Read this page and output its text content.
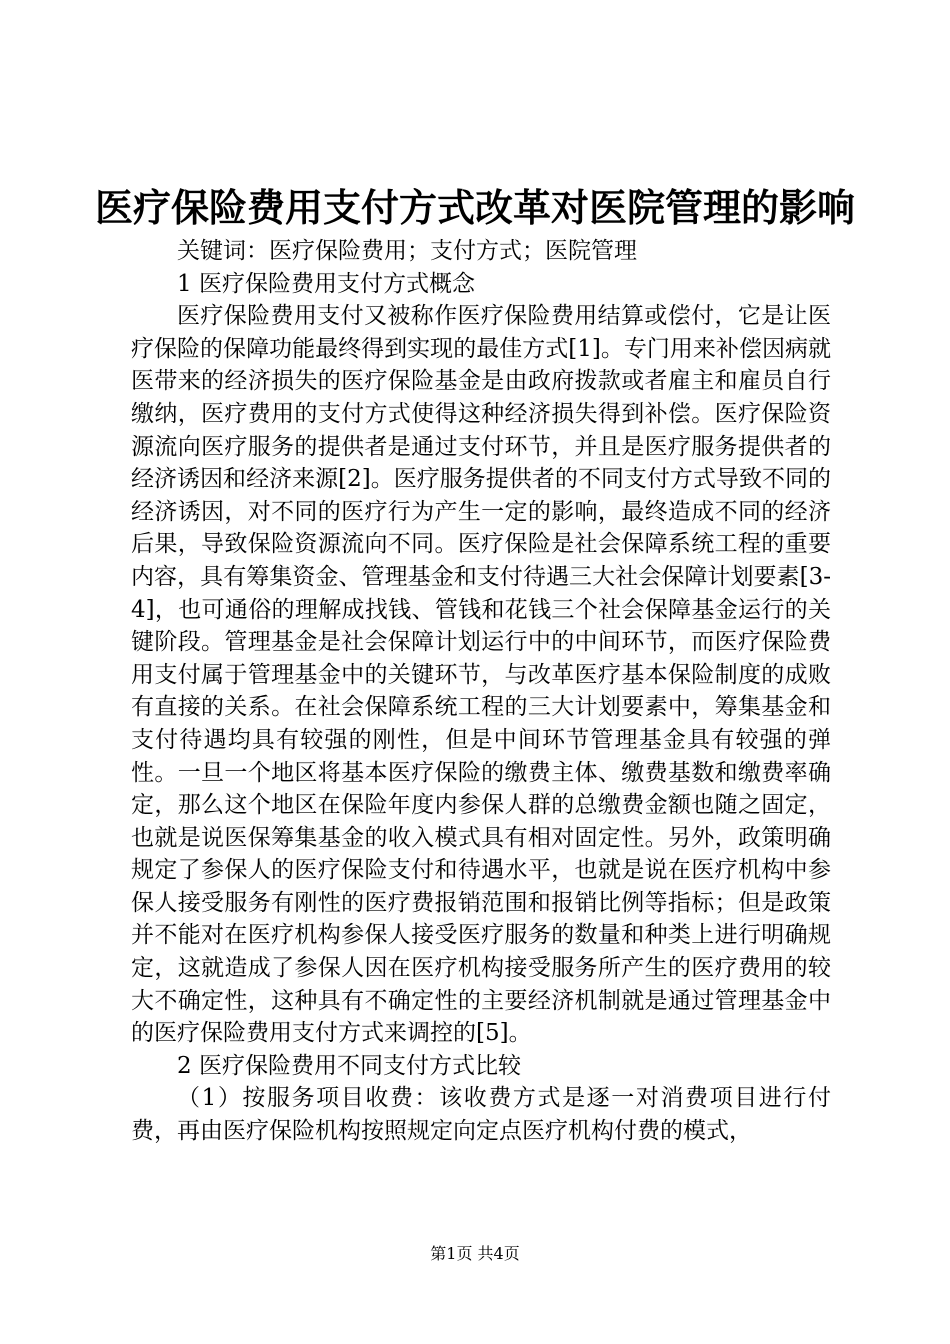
医疗保险费用支付方式改革对医院管理的影响

关键词：医疗保险费用；支付方式；医院管理

1 医疗保险费用支付方式概念

医疗保险费用支付又被称作医疗保险费用结算或偿付，它是让医疗保险的保障功能最终得到实现的最佳方式[1]。专门用来补偿因病就医带来的经济损失的医疗保险基金是由政府拨款或者雇主和雇员自行缴纳，医疗费用的支付方式使得这种经济损失得到补偿。医疗保险资源流向医疗服务的提供者是通过支付环节，并且是医疗服务提供者的经济诱因和经济来源[2]。医疗服务提供者的不同支付方式导致不同的经济诱因，对不同的医疗行为产生一定的影响，最终造成不同的经济后果，导致保险资源流向不同。医疗保险是社会保障系统工程的重要内容，具有筹集资金、管理基金和支付待遇三大社会保障计划要素[3-4]，也可通俗的理解成找钱、管钱和花钱三个社会保障基金运行的关键阶段。管理基金是社会保障计划运行中的中间环节，而医疗保险费用支付属于管理基金中的关键环节，与改革医疗基本保险制度的成败有直接的关系。在社会保障系统工程的三大计划要素中，筹集基金和支付待遇均具有较强的刚性，但是中间环节管理基金具有较强的弹性。一旦一个地区将基本医疗保险的缴费主体、缴费基数和缴费率确定，那么这个地区在保险年度内参保人群的总缴费金额也随之固定，也就是说医保筹集基金的收入模式具有相对固定性。另外，政策明确规定了参保人的医疗保险支付和待遇水平，也就是说在医疗机构中参保人接受服务有刚性的医疗费报销范围和报销比例等指标；但是政策并不能对在医疗机构参保人接受医疗服务的数量和种类上进行明确规定，这就造成了参保人因在医疗机构接受服务所产生的医疗费用的较大不确定性，这种具有不确定性的主要经济机制就是通过管理基金中的医疗保险费用支付方式来调控的[5]。

2 医疗保险费用不同支付方式比较

（1）按服务项目收费：该收费方式是逐一对消费项目进行付费，再由医疗保险机构按照规定向定点医疗机构付费的模式，

第1页 共4页
